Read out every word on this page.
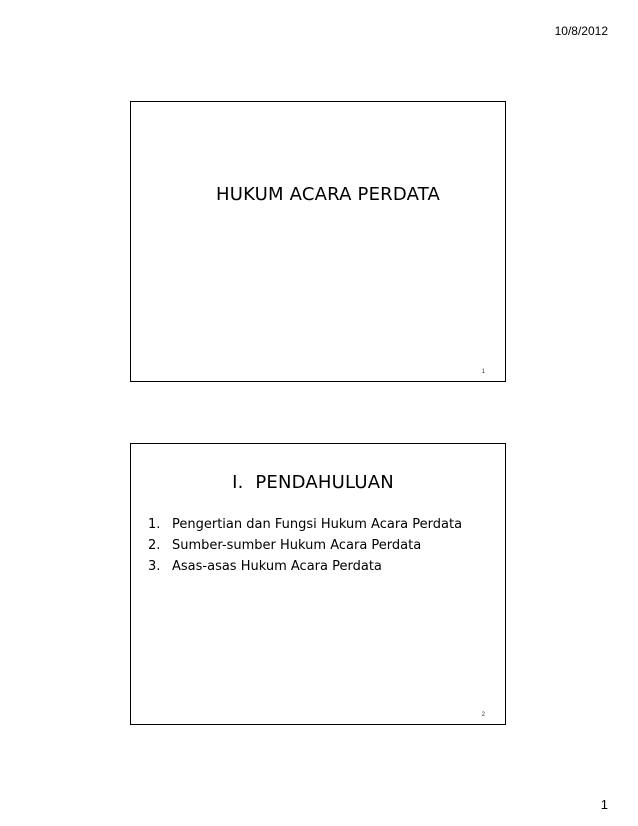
10/8/2012
HUKUM ACARA PERDATA
1
I.  PENDAHULUAN
1. Pengertian dan Fungsi Hukum Acara Perdata
2. Sumber-sumber Hukum Acara Perdata
3. Asas-asas Hukum Acara Perdata
2
1
